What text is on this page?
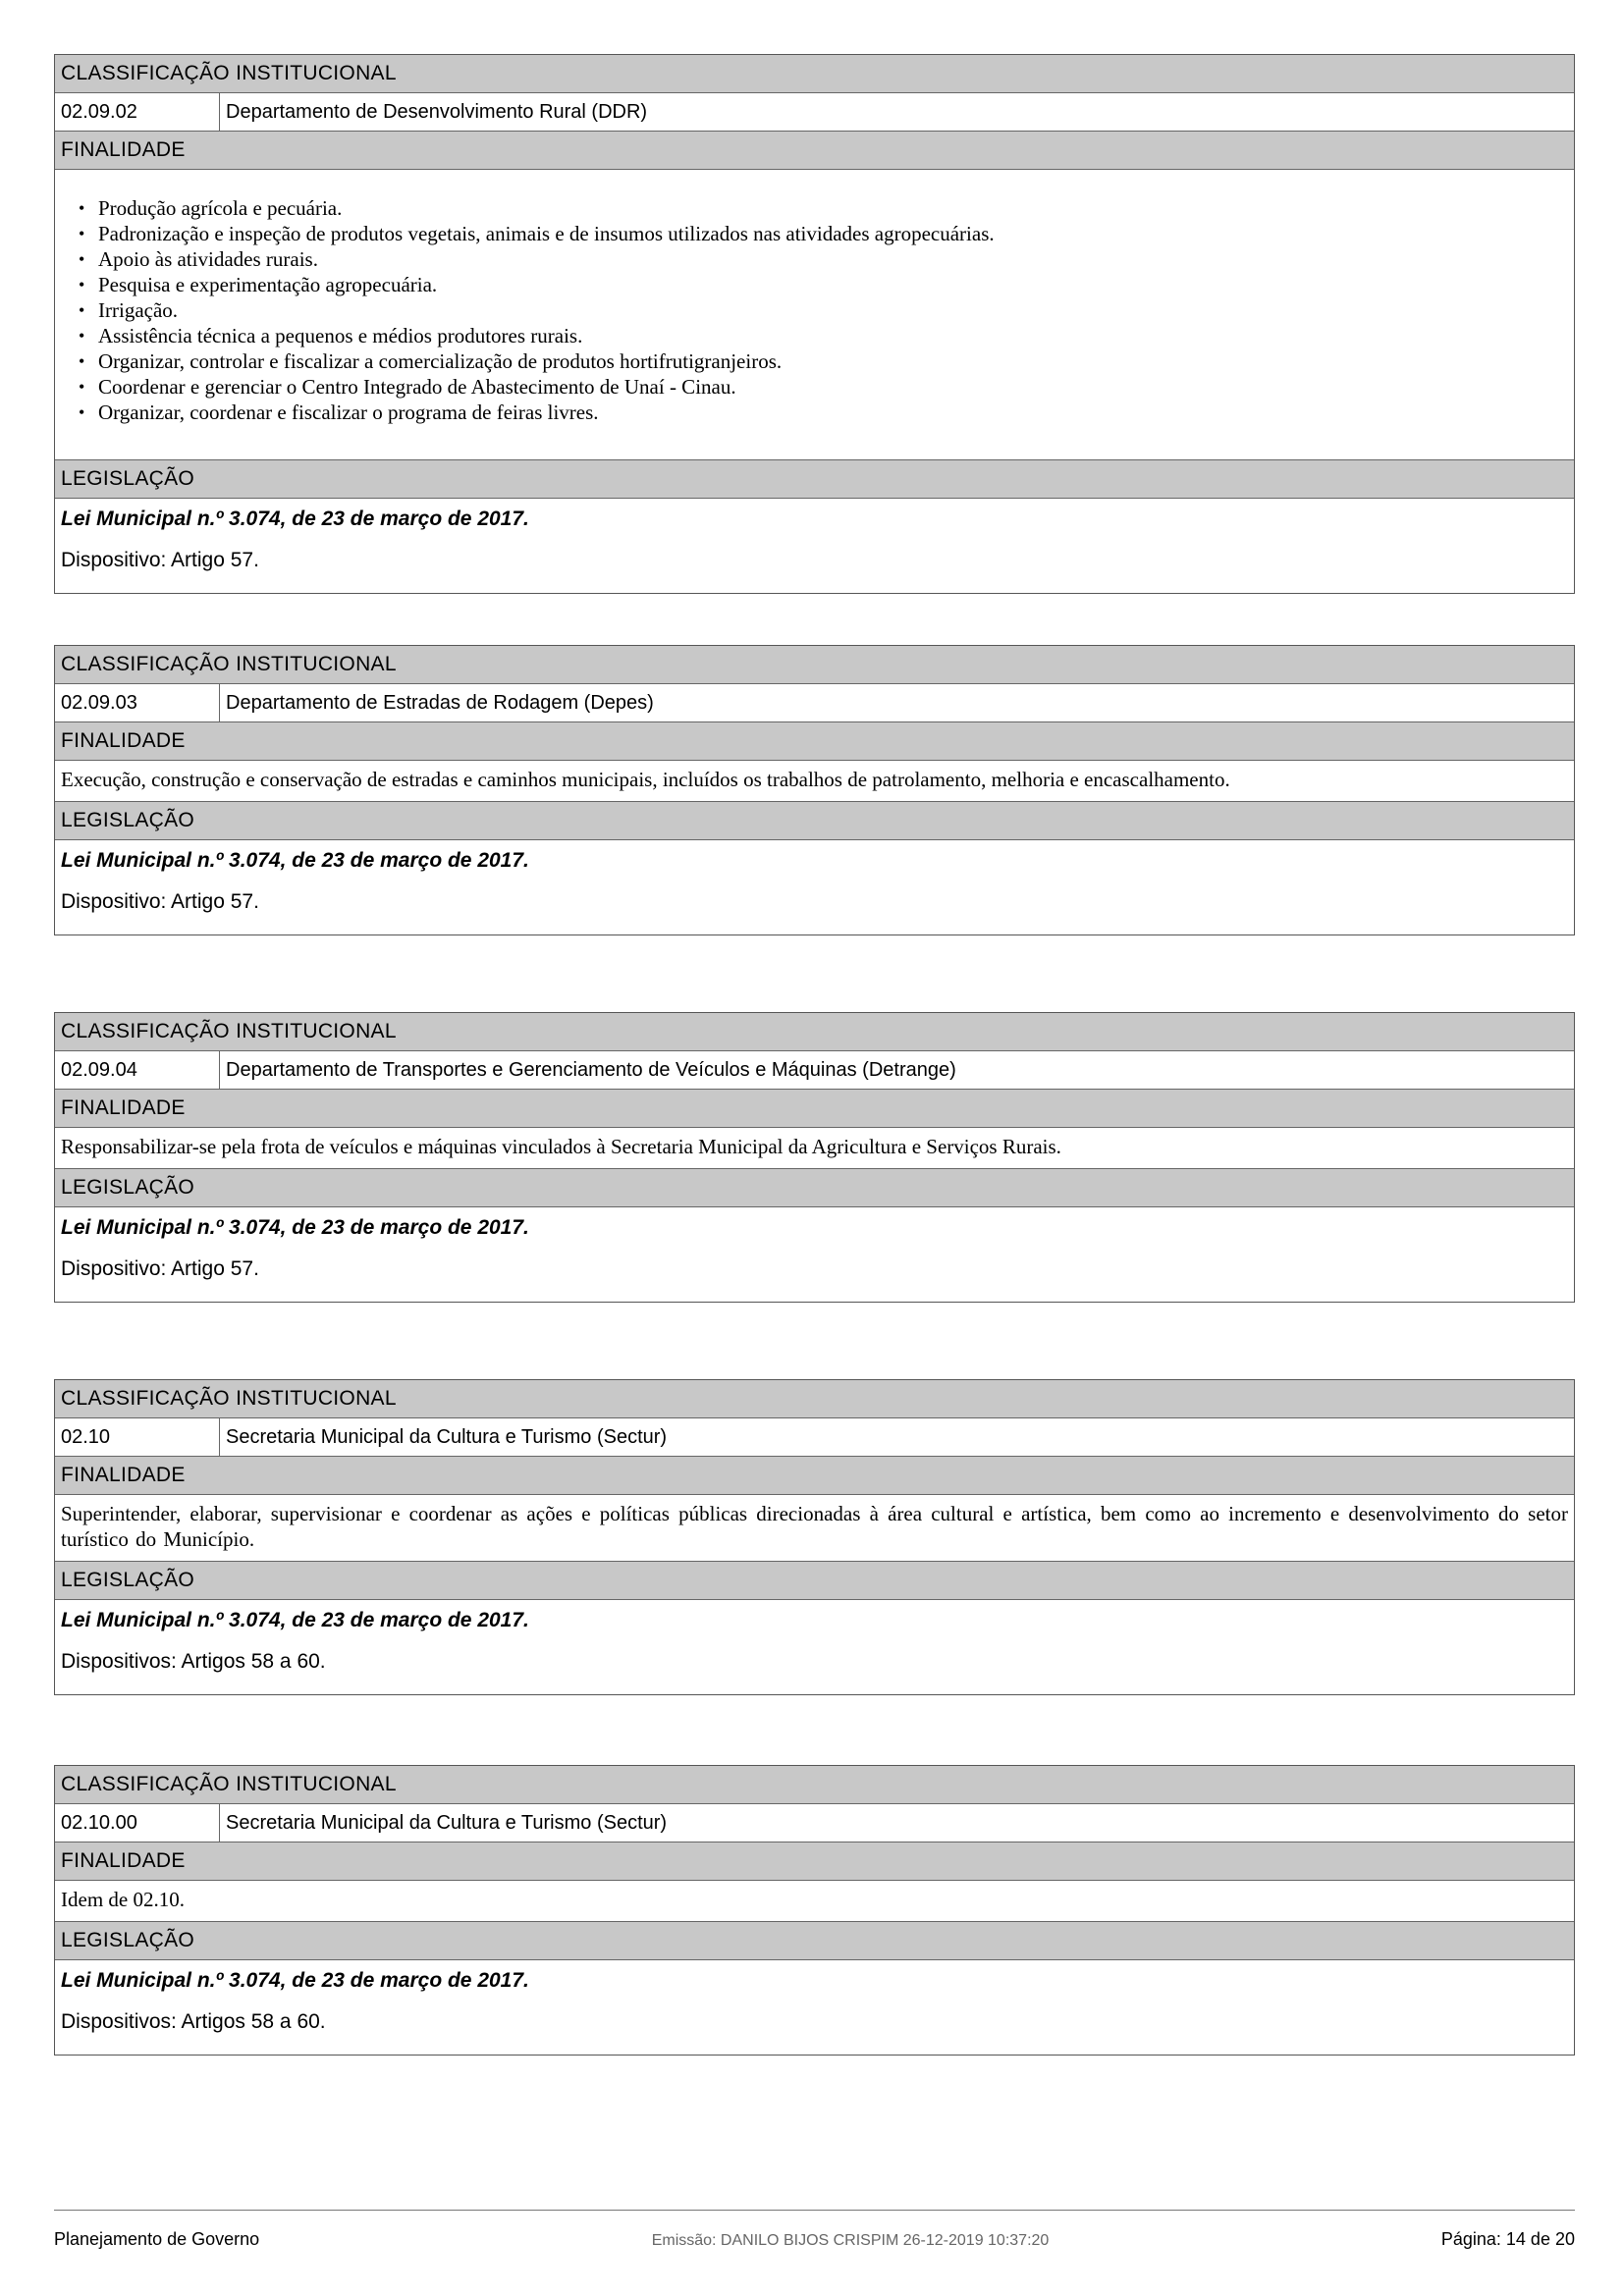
CLASSIFICAÇÃO INSTITUCIONAL
02.09.02	Departamento de Desenvolvimento Rural (DDR)
FINALIDADE
• Produção agrícola e pecuária.
• Padronização e inspeção de produtos vegetais, animais e de insumos utilizados nas atividades agropecuárias.
• Apoio às atividades rurais.
• Pesquisa e experimentação agropecuária.
• Irrigação.
• Assistência técnica a pequenos e médios produtores rurais.
• Organizar, controlar e fiscalizar a comercialização de produtos hortifrutigranjeiros.
• Coordenar e gerenciar o Centro Integrado de Abastecimento de Unaí - Cinau.
• Organizar, coordenar e fiscalizar o programa de feiras livres.
LEGISLAÇÃO
Lei Municipal n.º 3.074, de 23 de março de 2017.
Dispositivo: Artigo 57.
CLASSIFICAÇÃO INSTITUCIONAL
02.09.03	Departamento de Estradas de Rodagem (Depes)
FINALIDADE
Execução, construção e conservação de estradas e caminhos municipais, incluídos os trabalhos de patrolamento, melhoria e encascalhamento.
LEGISLAÇÃO
Lei Municipal n.º 3.074, de 23 de março de 2017.
Dispositivo: Artigo 57.
CLASSIFICAÇÃO INSTITUCIONAL
02.09.04	Departamento de Transportes e Gerenciamento de Veículos e Máquinas (Detrange)
FINALIDADE
Responsabilizar-se pela frota de veículos e máquinas vinculados à Secretaria Municipal da Agricultura e Serviços Rurais.
LEGISLAÇÃO
Lei Municipal n.º 3.074, de 23 de março de 2017.
Dispositivo: Artigo 57.
CLASSIFICAÇÃO INSTITUCIONAL
02.10	Secretaria Municipal da Cultura e Turismo (Sectur)
FINALIDADE
Superintender, elaborar, supervisionar e coordenar as ações e políticas públicas direcionadas à área cultural e artística, bem como ao incremento e desenvolvimento do setor turístico do Município.
LEGISLAÇÃO
Lei Municipal n.º 3.074, de 23 de março de 2017.
Dispositivos: Artigos 58 a 60.
CLASSIFICAÇÃO INSTITUCIONAL
02.10.00	Secretaria Municipal da Cultura e Turismo (Sectur)
FINALIDADE
Idem de 02.10.
LEGISLAÇÃO
Lei Municipal n.º 3.074, de 23 de março de 2017.
Dispositivos: Artigos 58 a 60.
Planejamento de Governo	Emissão: DANILO BIJOS CRISPIM 26-12-2019 10:37:20	Página: 14 de 20
